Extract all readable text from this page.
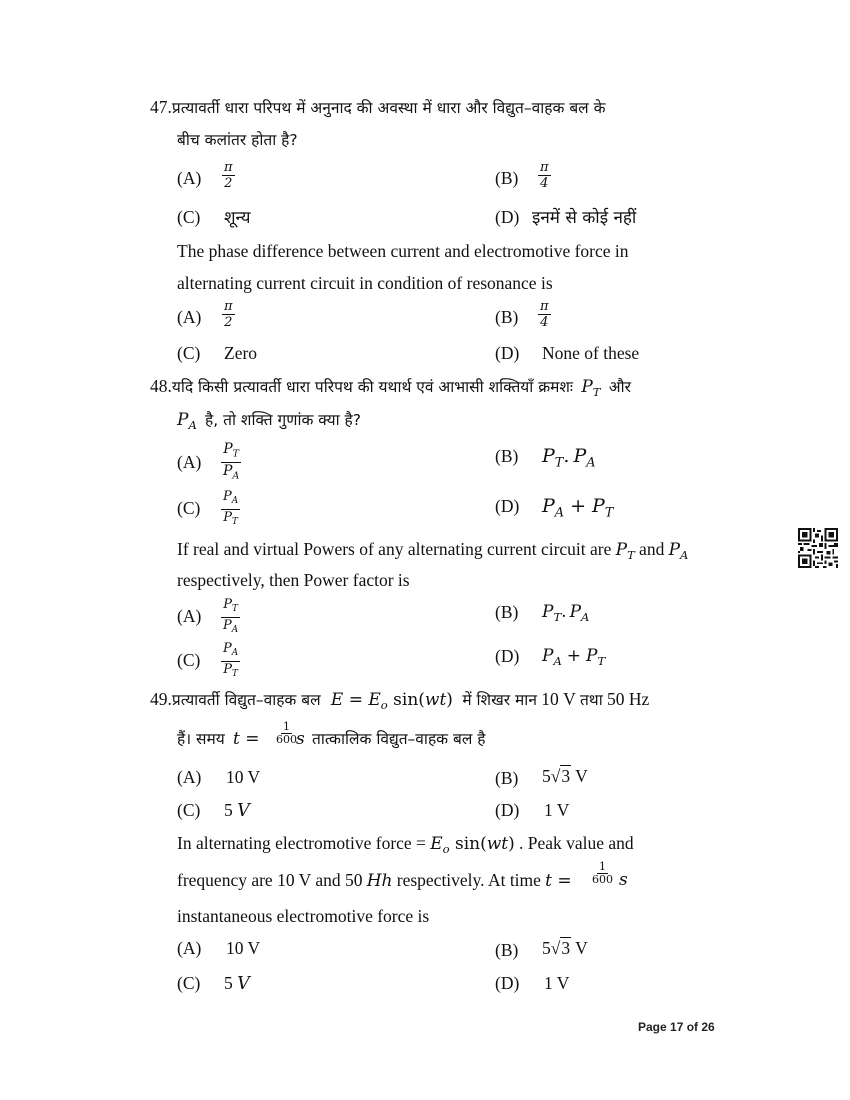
47.प्रत्यावर्ती धारा परिपथ में अनुनाद की अवस्था में धारा और विद्युत–वाहक बल के
बीच कलांतर होता है?
$(A) \frac{\pi}{2}$	$(B) \frac{\pi}{4}$
(C) शून्य	(D) इनमें से कोई नहीं
The phase difference between current and electromotive force in
alternating current circuit in condition of resonance is
$(A) \frac{\pi}{2}$	$(B) \frac{\pi}{4}$
(C) Zero	(D) None of these
48.यदि किसी प्रत्यावर्ती धारा परिपथ की यथार्थ एवं आभासी शक्तियाँ क्रमशः $P_T$ और
$P_A$ है, तो शक्ति गुणांक क्या है?
$(A) \frac{P_T}{P_A}$	(B) $P_T$. $P_A$
$(C) \frac{P_A}{P_T}$	(D) $P_A + P_T$
If real and virtual Powers of any alternating current circuit are $P_T$ and $P_A$
respectively, then Power factor is
$(A) \frac{P_T}{P_A}$	(B) $P_T$. $P_A$
$(C) \frac{P_A}{P_T}$	(D) $P_A + P_T$
49.प्रत्यावर्ती विद्युत–वाहक बल $E = E_o$ sin(wt) में शिखर मान 10 V तथा 50 Hz
हैं। समय t = s तात्कालिक विद्युत–वाहक बल है
$\frac{1}{600}$
(A) 10 V	(B) 5√3 V
(C) 5 V	(D) 1 V
In alternating electromotive force = $E_o$ sin(wt) . Peak value and
frequency are 10 V and 50 Hh respectively. At time $t = \frac{1}{600}$ s
instantaneous electromotive force is
(A) 10 V	(B) 5√3 V
(C) 5 V	(D) 1 V
Page 17 of 26
